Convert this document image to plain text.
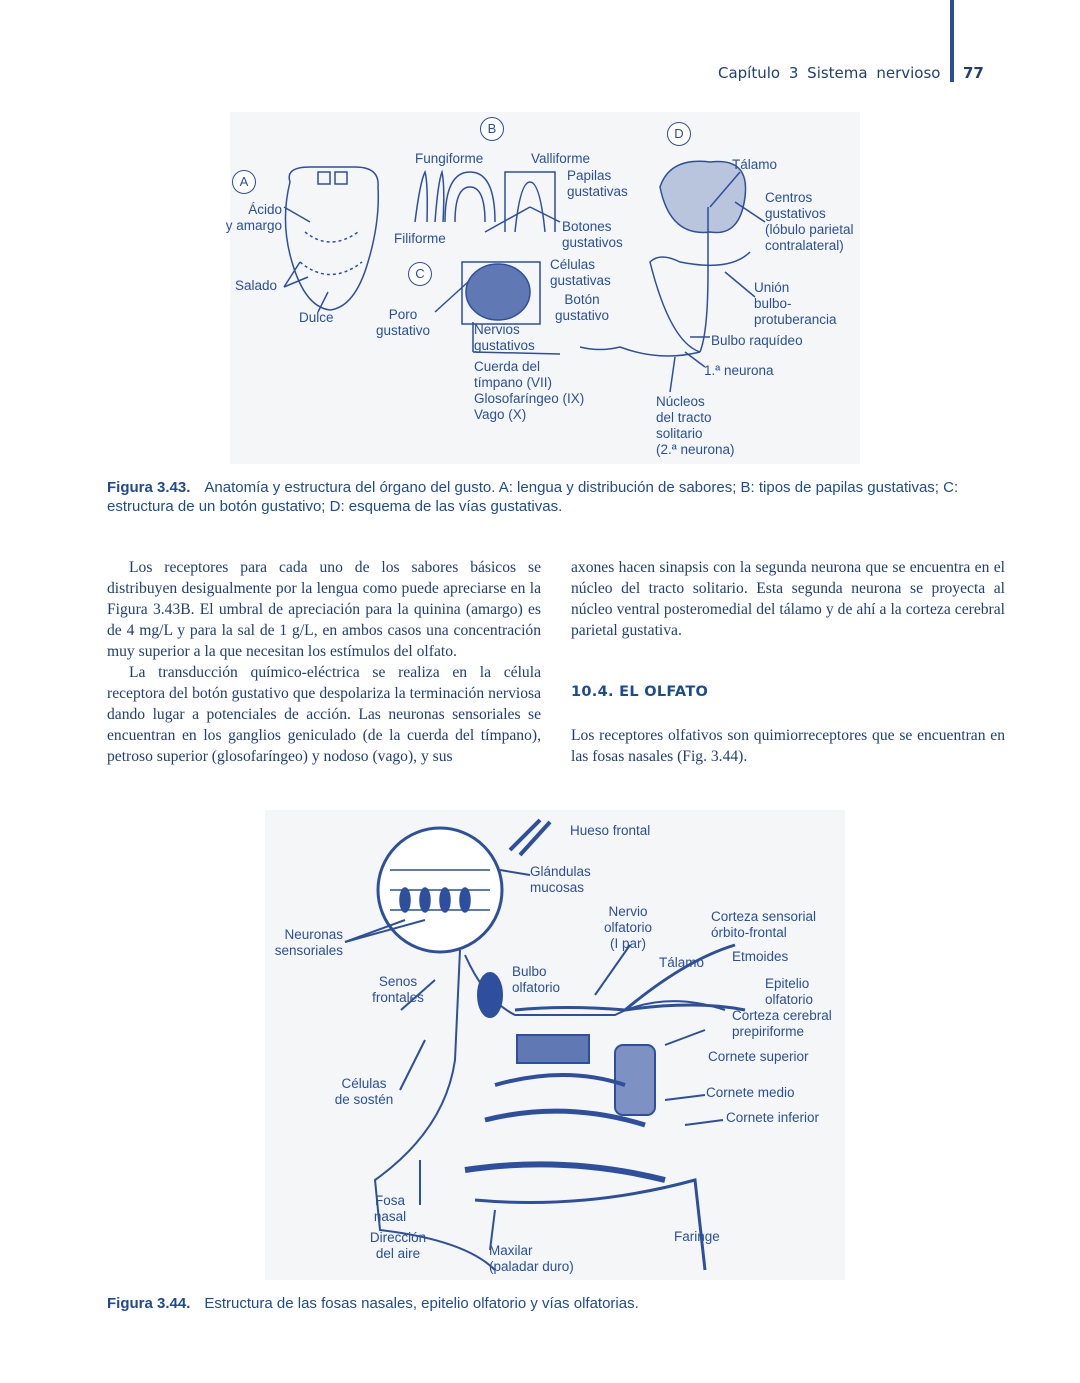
Capítulo 3 Sistema nervioso 77
A
B
C
D
Fungiforme	Valliforme
Papilas
gustativas
Ácido
y amargo
Filiforme
Botones
gustativos
Células
gustativas
Salado
Botón
gustativo
Dulce	Poro
gustativo	Nervios
gustativos
Cuerda del
tímpano (VII)
Glosofaríngeo (IX)
Vago (X)
Tálamo
Centros gustativos
(lóbulo parietal
contralateral)
Unión
bulbo-protuberancia
Bulbo raquídeo
1.ª neurona
Núcleos
del tracto
solitario
(2.ª neurona)
Figura 3.43. Anatomía y estructura del órgano del gusto. A: lengua y distribución de sabores; B: tipos de papilas gustativas; C: estructura de un botón gustativo; D: esquema de las vías gustativas.

Los receptores para cada uno de los sabores básicos se distribuyen desigualmente por la lengua como puede apreciarse en la Figura 3.43B. El umbral de apreciación para la quinina (amargo) es de 4 mg/L y para la sal de 1 g/L, en ambos casos una concentración muy superior a la que necesitan los estímulos del olfato.

La transducción químico-eléctrica se realiza en la célula receptora del botón gustativo que despolariza la terminación nerviosa dando lugar a potenciales de acción. Las neuronas sensoriales se encuentran en los ganglios geniculado (de la cuerda del tímpano), petroso superior (glosofaríngeo) y nodoso (vago), y sus

axones hacen sinapsis con la segunda neurona que se encuentra en el núcleo del tracto solitario. Esta segunda neurona se proyecta al núcleo ventral posteromedial del tálamo y de ahí a la corteza cerebral parietal gustativa.

10.4. EL OLFATO

Los receptores olfativos son quimiorreceptores que se encuentran en las fosas nasales (Fig. 3.44).

Hueso frontal
Glándulas
mucosas
Nervio
olfatorio
(I par)
Corteza sensorial
órbito-frontal
Neuronas
sensoriales	Etmoides
Tálamo
Bulbo
olfatorio
Senos
frontales
Epitelio
olfatorio
Corteza cerebral
prepiriforme
Cornete superior
Células
de sostén	Cornete medio
Cornete inferior
Fosa
nasal
Dirección
del aire
Faringe
Maxilar
(paladar duro)
Figura 3.44. Estructura de las fosas nasales, epitelio olfatorio y vías olfatorias.
